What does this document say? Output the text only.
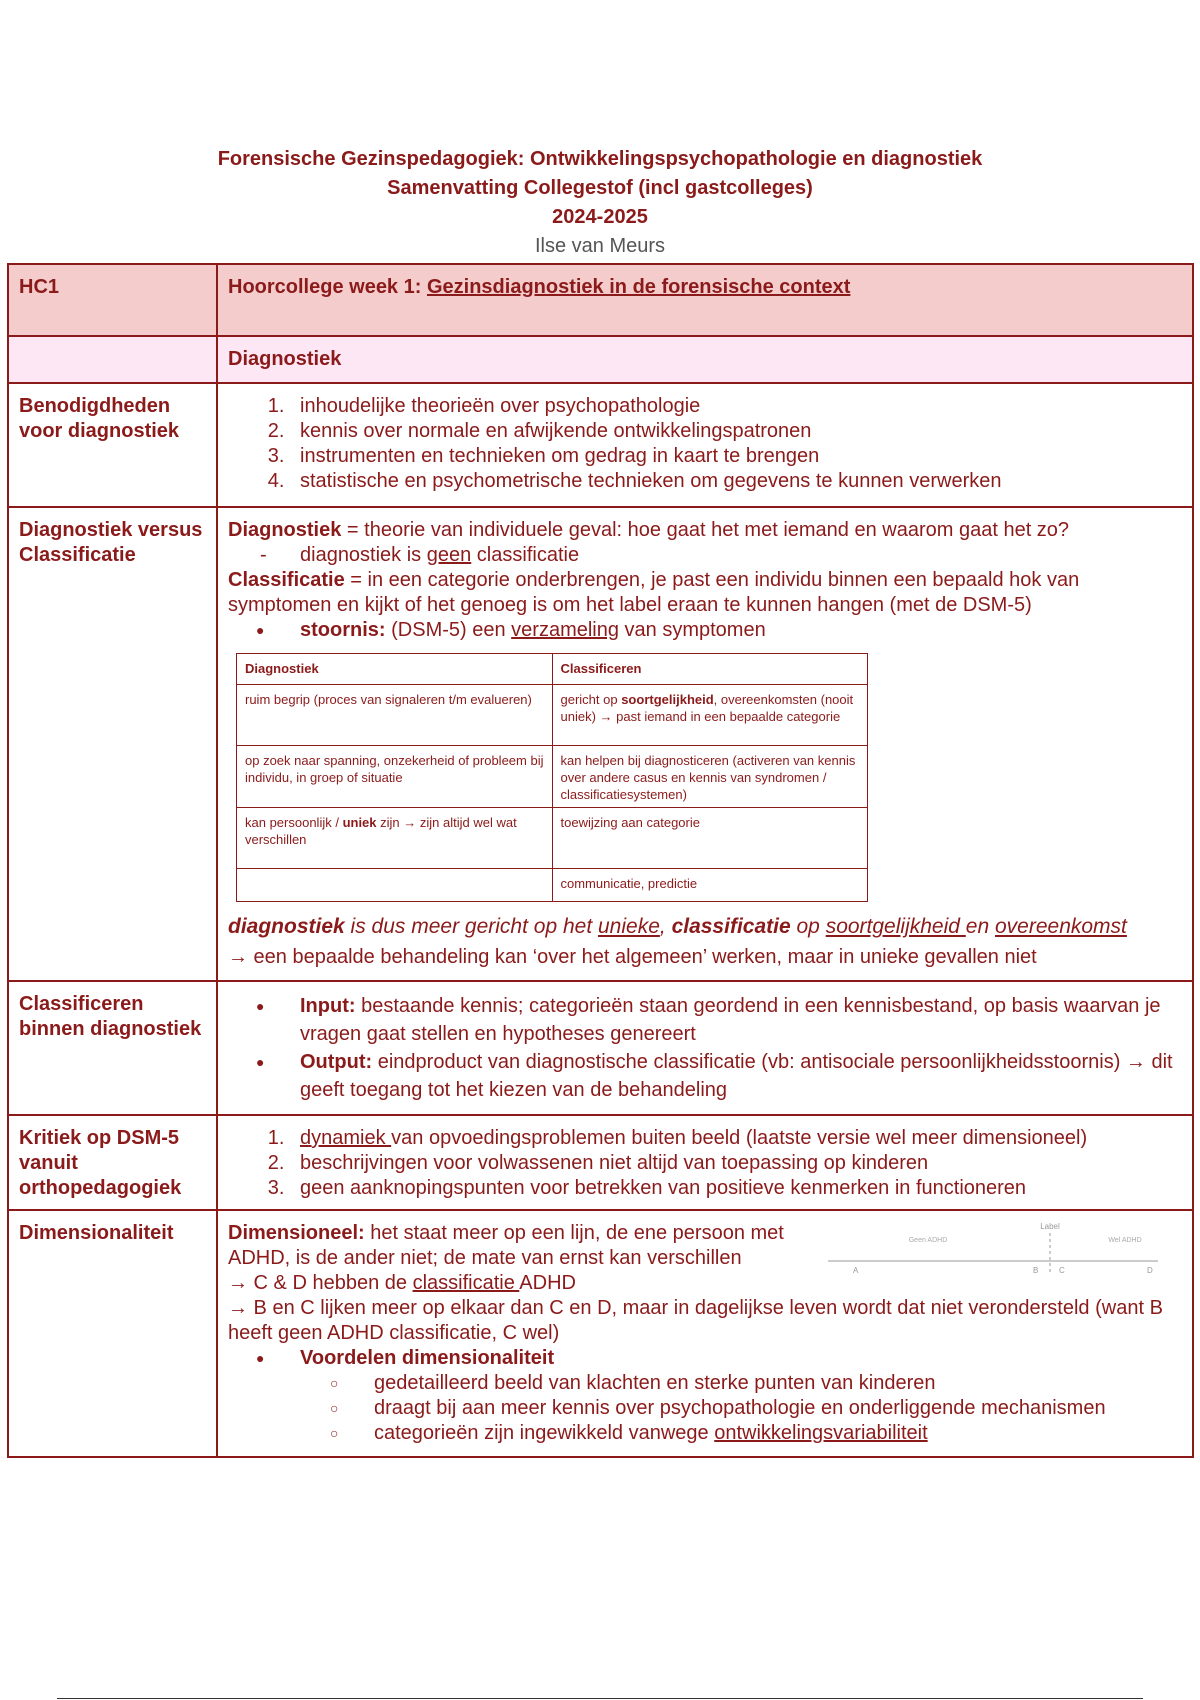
Forensische Gezinspedagogiek: Ontwikkelingspsychopathologie en diagnostiek
Samenvatting Collegestof (incl gastcolleges)
2024-2025
Ilse van Meurs
HC1	Hoorcollege week 1: Gezinsdiagnostiek in de forensische context
	Diagnostiek
Benodigdheden voor diagnostiek	
1. inhoudelijke theorieën over psychopathologie
2. kennis over normale en afwijkende ontwikkelingspatronen
3. instrumenten en technieken om gedrag in kaart te brengen
4. statistische en psychometrische technieken om gegevens te kunnen verwerken

Diagnostiek versus Classificatie	
Diagnostiek = theorie van individuele geval: hoe gaat het met iemand en waarom gaat het zo?
- diagnostiek is geen classificatie
Classificatie = in een categorie onderbrengen, je past een individu binnen een bepaald hok van symptomen en kijkt of het genoeg is om het label eraan te kunnen hangen (met de DSM-5)
● stoornis: (DSM-5) een verzameling van symptomen
Diagnostiek	Classificeren
ruim begrip (proces van signaleren t/m evalueren)	gericht op soortgelijkheid, overeenkomsten (nooit uniek) → past iemand in een bepaalde categorie
op zoek naar spanning, onzekerheid of probleem bij individu, in groep of situatie	kan helpen bij diagnosticeren (activeren van kennis over andere casus en kennis van syndromen / classificatiesystemen)
kan persoonlijk / uniek zijn → zijn altijd wel wat verschillen	toewijzing aan categorie
	communicatie, predictie
diagnostiek is dus meer gericht op het unieke, classificatie op soortgelijkheid en overeenkomst
→ een bepaalde behandeling kan ‘over het algemeen’ werken, maar in unieke gevallen niet

Classificeren binnen diagnostiek	
● Input: bestaande kennis; categorieën staan geordend in een kennisbestand, op basis waarvan je vragen gaat stellen en hypotheses genereert
● Output: eindproduct van diagnostische classificatie (vb: antisociale persoonlijkheidsstoornis) → dit geeft toegang tot het kiezen van de behandeling

Kritiek op DSM-5 vanuit orthopedagogiek	
1. dynamiek van opvoedingsproblemen buiten beeld (laatste versie wel meer dimensioneel)
2. beschrijvingen voor volwassenen niet altijd van toepassing op kinderen
3. geen aanknopingspunten voor betrekken van positieve kenmerken in functioneren

Dimensionaliteit	Dimensioneel: het staat meer op een lijn, de ene persoon met ADHD, is de ander niet; de mate van ernst kan verschillen
Label
Geen ADHD	Wel ADHD
A	B	C	D
→ C & D hebben de classificatie ADHD
→ B en C lijken meer op elkaar dan C en D, maar in dagelijkse leven wordt dat niet verondersteld (want B heeft geen ADHD classificatie, C wel)
● Voordelen dimensionaliteit
○ gedetailleerd beeld van klachten en sterke punten van kinderen
○ draagt bij aan meer kennis over psychopathologie en onderliggende mechanismen
○ categorieën zijn ingewikkeld vanwege ontwikkelingsvariabiliteit
